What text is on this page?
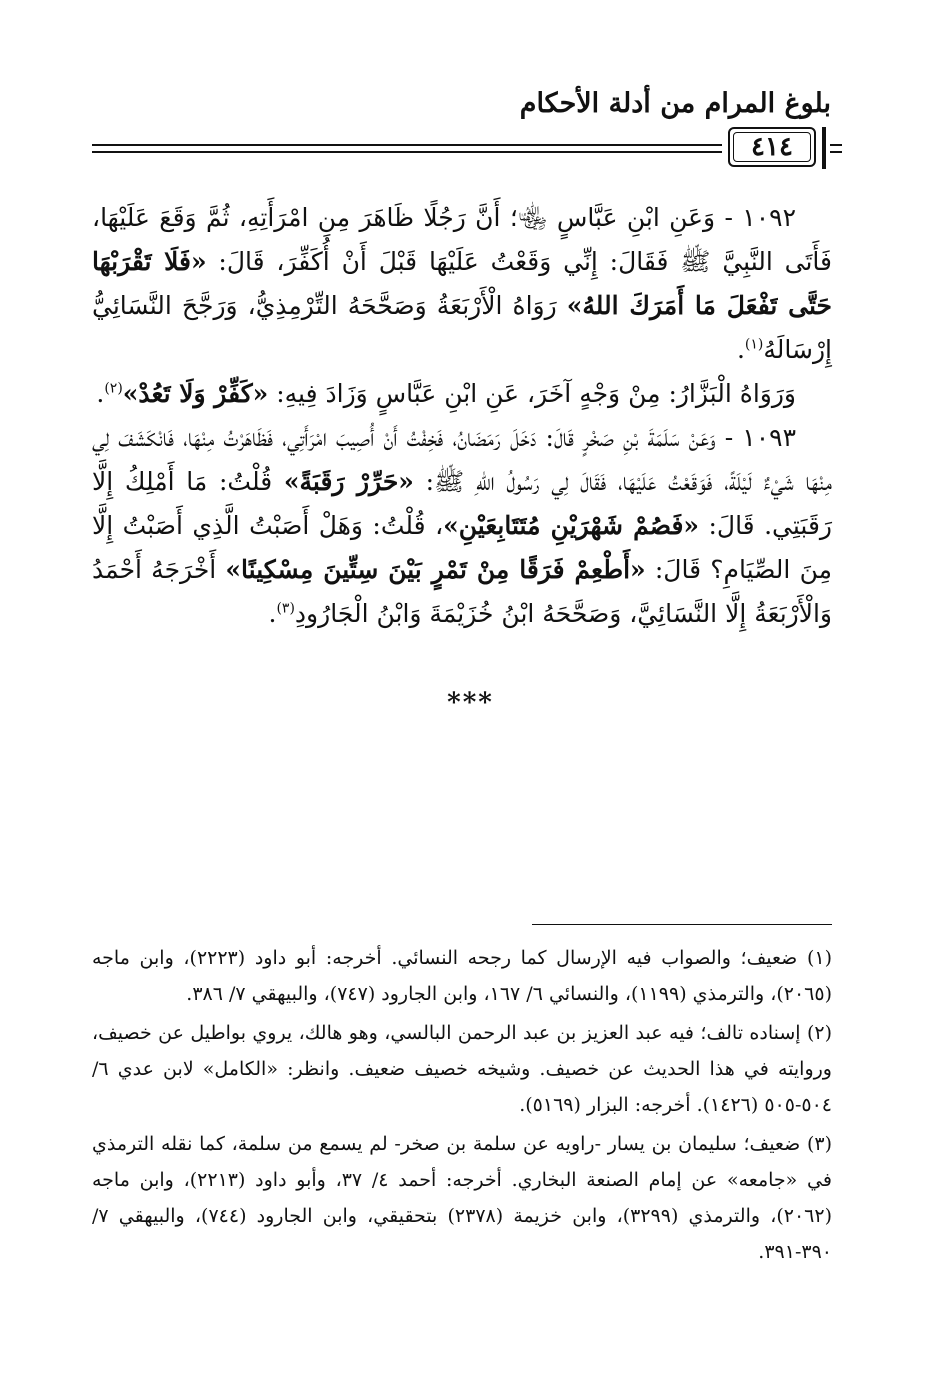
بلوغ المرام من أدلة الأحكام
٤١٤

١٠٩٢ - وَعَنِ ابْنِ عَبَّاسٍ ﵄؛ أَنَّ رَجُلًا ظَاهَرَ مِنِ امْرَأَتِهِ، ثُمَّ وَقَعَ عَلَيْهَا، فَأَتَى النَّبِيَّ ﷺ فَقَالَ: إِنِّي وَقَعْتُ عَلَيْهَا قَبْلَ أَنْ أُكَفِّرَ، قَالَ: «فَلَا تَقْرَبْهَا حَتَّى تَفْعَلَ مَا أَمَرَكَ اللهُ» رَوَاهُ الْأَرْبَعَةُ وَصَحَّحَهُ التِّرْمِذِيُّ، وَرَجَّحَ النَّسَائِيُّ إِرْسَالَهُ$^{(١)}$.

وَرَوَاهُ الْبَزَّارُ: مِنْ وَجْهٍ آخَرَ، عَنِ ابْنِ عَبَّاسٍ وَزَادَ فِيهِ: «كَفِّرْ وَلَا تَعُدْ»$^{(٢)}$.

١٠٩٣ - وَعَنْ سَلَمَةَ بْنِ صَخْرٍ قَالَ: دَخَلَ رَمَضَانُ، فَخِفْتُ أَنْ أُصِيبَ امْرَأَتِي، فَظَاهَرْتُ مِنْهَا، فَانْكَشَفَ لِي مِنْهَا شَيْءٌ لَيْلَةً، فَوَقَعْتُ عَلَيْهَا، فَقَالَ لِي رَسُولُ اللهِ ﷺ: «حَرِّرْ رَقَبَةً» قُلْتُ: مَا أَمْلِكُ إِلَّا رَقَبَتِي. قَالَ: «فَصُمْ شَهْرَيْنِ مُتَتَابِعَيْنِ»، قُلْتُ: وَهَلْ أَصَبْتُ الَّذِي أَصَبْتُ إِلَّا مِنَ الصِّيَامِ؟ قَالَ: «أَطْعِمْ فَرَقًا مِنْ تَمْرٍ بَيْنَ سِتِّينَ مِسْكِينًا» أَخْرَجَهُ أَحْمَدُ وَالْأَرْبَعَةُ إِلَّا النَّسَائِيَّ، وَصَحَّحَهُ ابْنُ خُزَيْمَةَ وَابْنُ الْجَارُودِ$^{(٣)}$.

***

(١) ضعيف؛ والصواب فيه الإرسال كما رجحه النسائي. أخرجه: أبو داود (٢٢٢٣)، وابن ماجه (٢٠٦٥)، والترمذي (١١٩٩)، والنسائي ٦/ ١٦٧، وابن الجارود (٧٤٧)، والبيهقي ٧/ ٣٨٦.

(٢) إسناده تالف؛ فيه عبد العزيز بن عبد الرحمن البالسي، وهو هالك، يروي بواطيل عن خصيف، وروايته في هذا الحديث عن خصيف. وشيخه خصيف ضعيف. وانظر: «الكامل» لابن عدي ٦/ ٥٠٤-٥٠٥ (١٤٢٦). أخرجه: البزار (٥١٦٩).

(٣) ضعيف؛ سليمان بن يسار -راويه عن سلمة بن صخر- لم يسمع من سلمة، كما نقله الترمذي في «جامعه» عن إمام الصنعة البخاري. أخرجه: أحمد ٤/ ٣٧، وأبو داود (٢٢١٣)، وابن ماجه (٢٠٦٢)، والترمذي (٣٢٩٩)، وابن خزيمة (٢٣٧٨) بتحقيقي، وابن الجارود (٧٤٤)، والبيهقي ٧/ ٣٩٠-٣٩١.
